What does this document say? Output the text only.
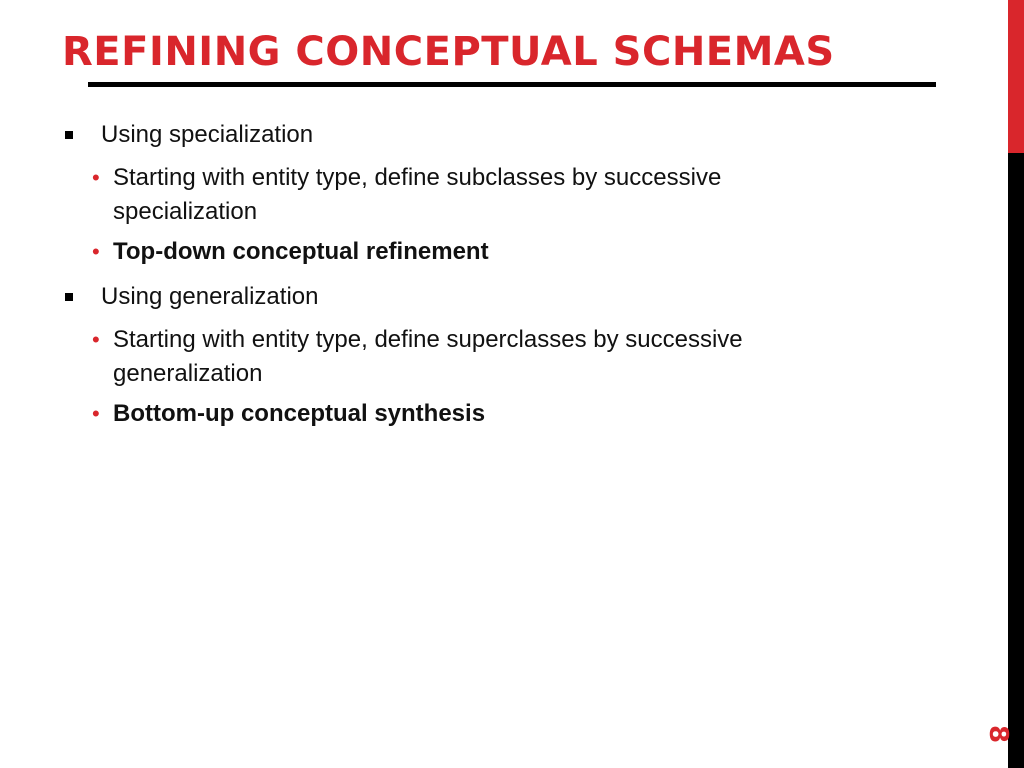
REFINING CONCEPTUAL SCHEMAS
Using specialization
• Starting with entity type, define subclasses by successive specialization
• Top-down conceptual refinement
Using generalization
• Starting with entity type, define superclasses by successive generalization
• Bottom-up conceptual synthesis
8
